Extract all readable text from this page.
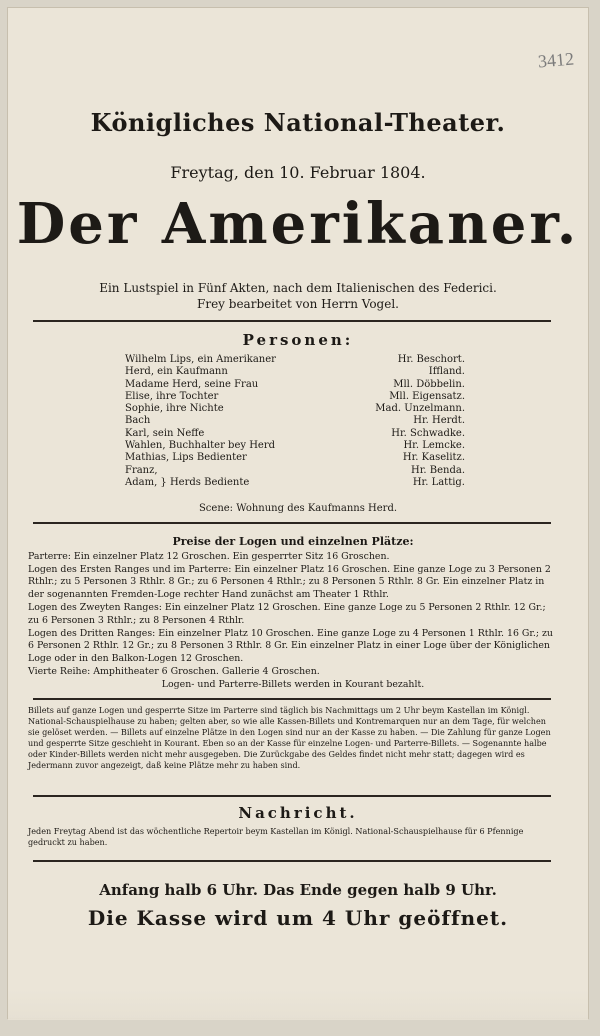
3412
Königliches National-Theater.
Freytag, den 10. Februar 1804.
Der Amerikaner.
Ein Lustspiel in Fünf Akten, nach dem Italienischen des Federici.
Frey bearbeitet von Herrn Vogel.
Personen:
Wilhelm Lips, ein Amerikaner	Hr. Beschort.
Herd, ein Kaufmann	Iffland.
Madame Herd, seine Frau	Mll. Döbbelin.
Elise, ihre Tochter	Mll. Eigensatz.
Sophie, ihre Nichte	Mad. Unzelmann.
Bach	Hr. Herdt.
Karl, sein Neffe	Hr. Schwadke.
Wahlen, Buchhalter bey Herd	Hr. Lemcke.
Mathias, Lips Bedienter	Hr. Kaselitz.
Franz,	Hr. Benda.
Adam, } Herds Bediente	Hr. Lattig.
Scene: Wohnung des Kaufmanns Herd.
Preise der Logen und einzelnen Plätze:
Parterre: Ein einzelner Platz 12 Groschen. Ein gesperrter Sitz 16 Groschen.
Logen des Ersten Ranges und im Parterre: Ein einzelner Platz 16 Groschen. Eine ganze Loge zu 3 Personen 2 Rthlr.; zu 5 Personen 3 Rthlr. 8 Gr.; zu 6 Personen 4 Rthlr.; zu 8 Personen 5 Rthlr. 8 Gr. Ein einzelner Platz in der sogenannten Fremden-Loge rechter Hand zunächst am Theater 1 Rthlr.
Logen des Zweyten Ranges: Ein einzelner Platz 12 Groschen. Eine ganze Loge zu 5 Personen 2 Rthlr. 12 Gr.; zu 6 Personen 3 Rthlr.; zu 8 Personen 4 Rthlr.
Logen des Dritten Ranges: Ein einzelner Platz 10 Groschen. Eine ganze Loge zu 4 Personen 1 Rthlr. 16 Gr.; zu 6 Personen 2 Rthlr. 12 Gr.; zu 8 Personen 3 Rthlr. 8 Gr. Ein einzelner Platz in einer Loge über der Königlichen Loge oder in den Balkon-Logen 12 Groschen.
Vierte Reihe: Amphitheater 6 Groschen. Gallerie 4 Groschen.
Logen- und Parterre-Billets werden in Kourant bezahlt.
Billets auf ganze Logen und gesperrte Sitze im Parterre sind täglich bis Nachmittags um 2 Uhr beym Kastellan im Königl. National-Schauspielhause zu haben; gelten aber, so wie alle Kassen-Billets und Kontremarquen nur an dem Tage, für welchen sie gelöset werden. — Billets auf einzelne Plätze in den Logen sind nur an der Kasse zu haben. — Die Zahlung für ganze Logen und gesperrte Sitze geschieht in Kourant. Eben so an der Kasse für einzelne Logen- und Parterre-Billets. — Sogenannte halbe oder Kinder-Billets werden nicht mehr ausgegeben. Die Zurückgabe des Geldes findet nicht mehr statt; dagegen wird es Jedermann zuvor angezeigt, daß keine Plätze mehr zu haben sind.
Nachricht.
Jeden Freytag Abend ist das wöchentliche Repertoir beym Kastellan im Königl. National-Schauspielhause für 6 Pfennige gedruckt zu haben.
Anfang halb 6 Uhr. Das Ende gegen halb 9 Uhr.
Die Kasse wird um 4 Uhr geöffnet.
